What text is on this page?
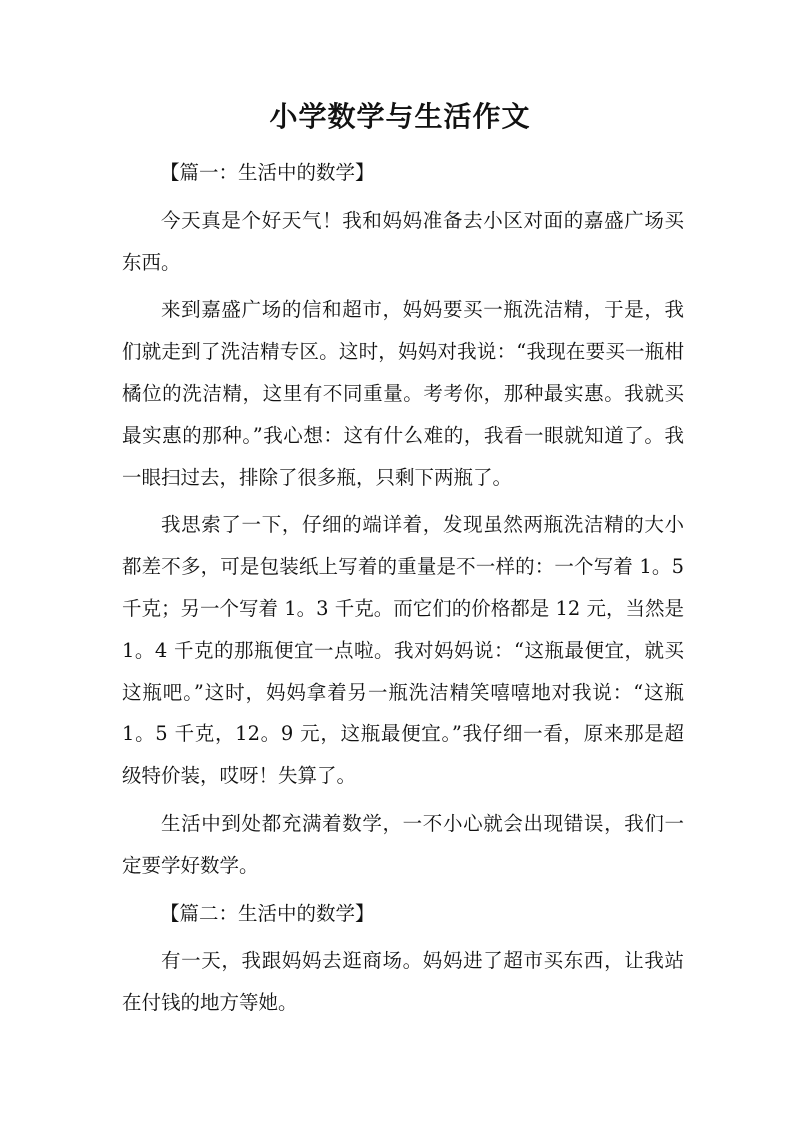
小学数学与生活作文

【篇一：生活中的数学】

今天真是个好天气！我和妈妈准备去小区对面的嘉盛广场买东西。

来到嘉盛广场的信和超市，妈妈要买一瓶洗洁精，于是，我们就走到了洗洁精专区。这时，妈妈对我说：“我现在要买一瓶柑橘位的洗洁精，这里有不同重量。考考你，那种最实惠。我就买最实惠的那种。”我心想：这有什么难的，我看一眼就知道了。我一眼扫过去，排除了很多瓶，只剩下两瓶了。

我思索了一下，仔细的端详着，发现虽然两瓶洗洁精的大小都差不多，可是包装纸上写着的重量是不一样的：一个写着 1。5 千克；另一个写着 1。3 千克。而它们的价格都是 12 元，当然是 1。4 千克的那瓶便宜一点啦。我对妈妈说：“这瓶最便宜，就买这瓶吧。”这时，妈妈拿着另一瓶洗洁精笑嘻嘻地对我说：“这瓶 1。5 千克，12。9 元，这瓶最便宜。”我仔细一看，原来那是超级特价装，哎呀！失算了。

生活中到处都充满着数学，一不小心就会出现错误，我们一定要学好数学。

【篇二：生活中的数学】

有一天，我跟妈妈去逛商场。妈妈进了超市买东西，让我站在付钱的地方等她。
